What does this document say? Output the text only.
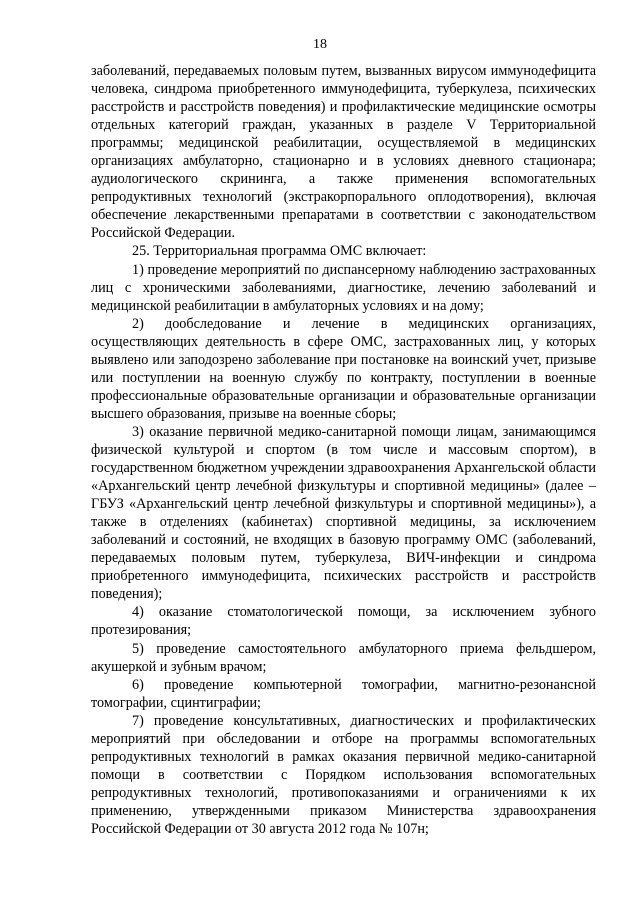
18

заболеваний, передаваемых половым путем, вызванных вирусом иммунодефицита человека, синдрома приобретенного иммунодефицита, туберкулеза, психических расстройств и расстройств поведения) и профилактические медицинские осмотры отдельных категорий граждан, указанных в разделе V Территориальной программы; медицинской реабилитации, осуществляемой в медицинских организациях амбулаторно, стационарно и в условиях дневного стационара; аудиологического скрининга, а также применения вспомогательных репродуктивных технологий (экстракорпорального оплодотворения), включая обеспечение лекарственными препаратами в соответствии с законодательством Российской Федерации.

25. Территориальная программа ОМС включает:

1) проведение мероприятий по диспансерному наблюдению застрахованных лиц с хроническими заболеваниями, диагностике, лечению заболеваний и медицинской реабилитации в амбулаторных условиях и на дому;

2) дообследование и лечение в медицинских организациях, осуществляющих деятельность в сфере ОМС, застрахованных лиц, у которых выявлено или заподозрено заболевание при постановке на воинский учет, призыве или поступлении на военную службу по контракту, поступлении в военные профессиональные образовательные организации и образовательные организации высшего образования, призыве на военные сборы;

3) оказание первичной медико-санитарной помощи лицам, занимающимся физической культурой и спортом (в том числе и массовым спортом), в государственном бюджетном учреждении здравоохранения Архангельской области «Архангельский центр лечебной физкультуры и спортивной медицины» (далее – ГБУЗ «Архангельский центр лечебной физкультуры и спортивной медицины»), а также в отделениях (кабинетах) спортивной медицины, за исключением заболеваний и состояний, не входящих в базовую программу ОМС (заболеваний, передаваемых половым путем, туберкулеза, ВИЧ-инфекции и синдрома приобретенного иммунодефицита, психических расстройств и расстройств поведения);

4) оказание стоматологической помощи, за исключением зубного протезирования;

5) проведение самостоятельного амбулаторного приема фельдшером, акушеркой и зубным врачом;

6) проведение компьютерной томографии, магнитно-резонансной томографии, сцинтиграфии;

7) проведение консультативных, диагностических и профилактических мероприятий при обследовании и отборе на программы вспомогательных репродуктивных технологий в рамках оказания первичной медико-санитарной помощи в соответствии с Порядком использования вспомогательных репродуктивных технологий, противопоказаниями и ограничениями к их применению, утвержденными приказом Министерства здравоохранения Российской Федерации от 30 августа 2012 года № 107н;
